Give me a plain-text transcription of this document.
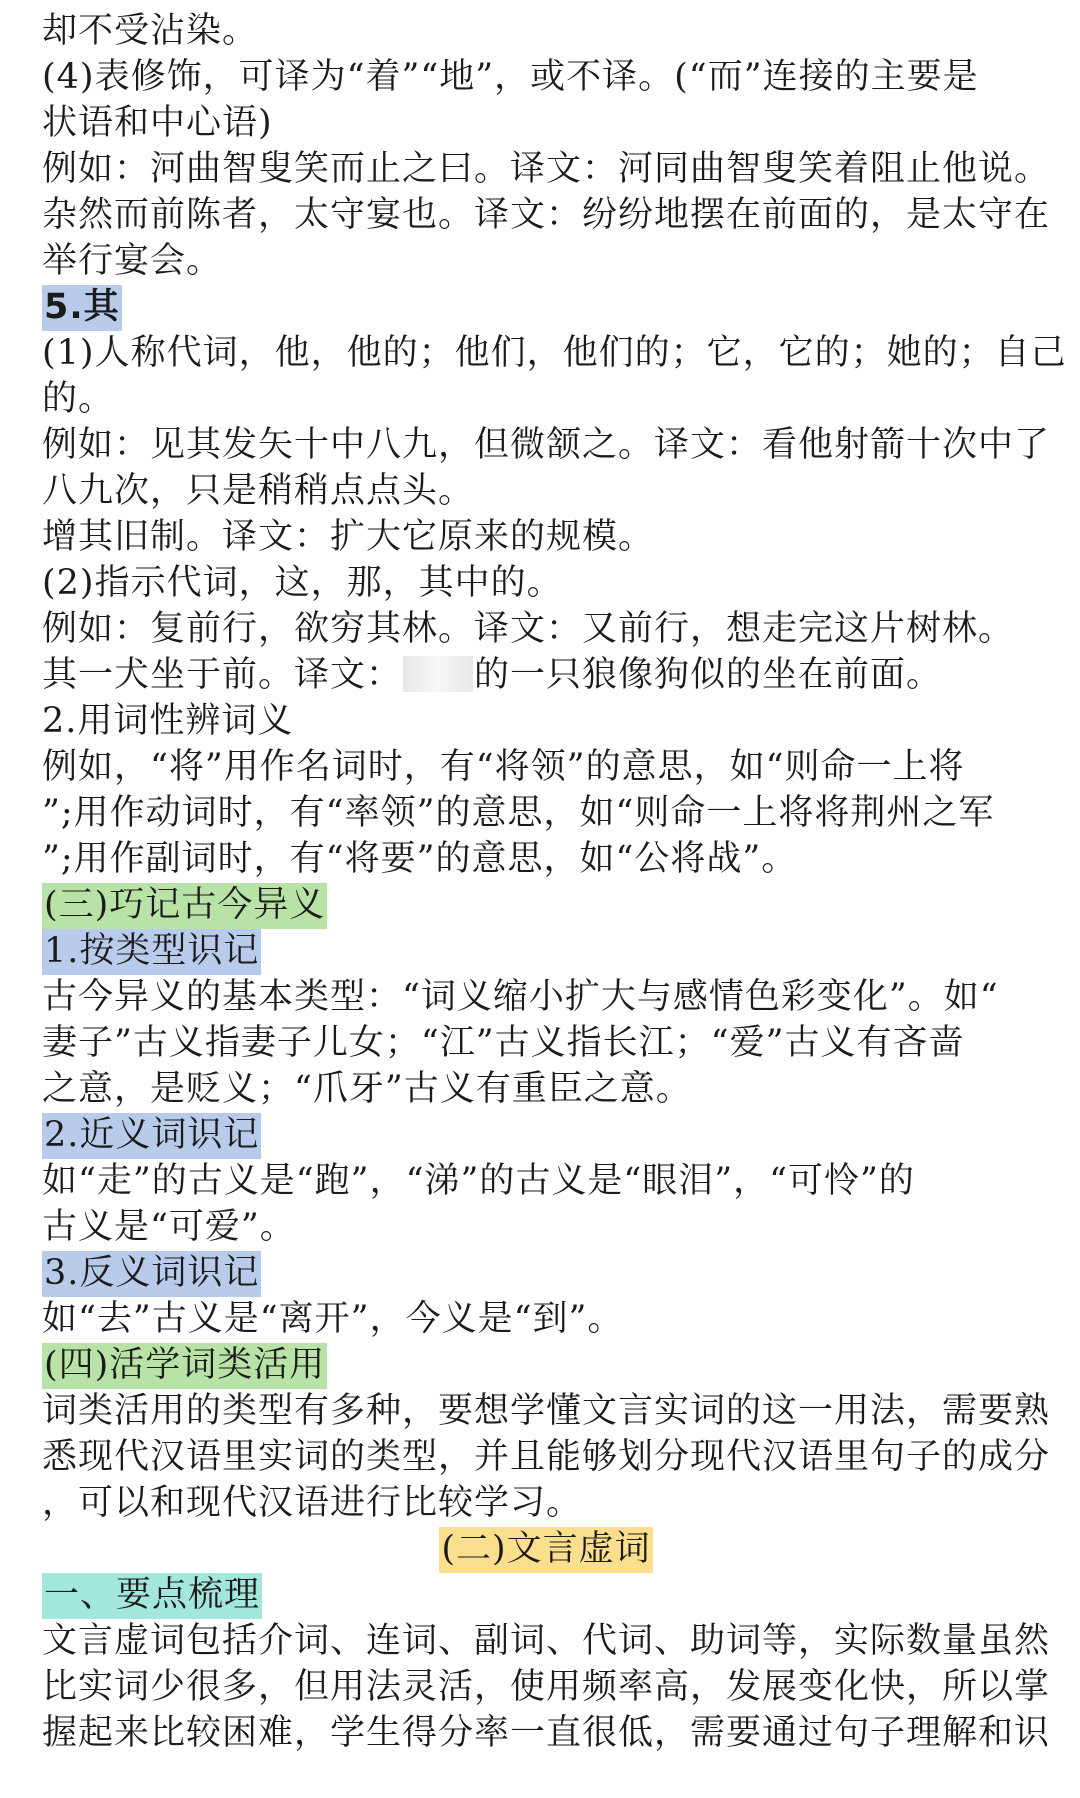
却不受沾染。
(4)表修饰，可译为“着”“地”，或不译。(“而”连接的主要是
状语和中心语)
例如：河曲智叟笑而止之曰。译文：河同曲智叟笑着阻止他说。
杂然而前陈者，太守宴也。译文：纷纷地摆在前面的，是太守在
举行宴会。
5.其
(1)人称代词，他，他的；他们，他们的；它，它的；她的；自己
的。
例如：见其发矢十中八九，但微颔之。译文：看他射箭十次中了
八九次，只是稍稍点点头。
增其旧制。译文：扩大它原来的规模。
(2)指示代词，这，那，其中的。
例如：复前行，欲穷其林。译文：又前行，想走完这片树林。
其一犬坐于前。译文： 的一只狼像狗似的坐在前面。
2.用词性辨词义
例如，“将”用作名词时，有“将领”的意思，如“则命一上将
”;用作动词时，有“率领”的意思，如“则命一上将将荆州之军
”;用作副词时，有“将要”的意思，如“公将战”。
(三)巧记古今异义
1.按类型识记
古今异义的基本类型：“词义缩小扩大与感情色彩变化”。如“
妻子”古义指妻子儿女；“江”古义指长江；“爱”古义有吝啬
之意，是贬义；“爪牙”古义有重臣之意。
2.近义词识记
如“走”的古义是“跑”，“涕”的古义是“眼泪”，“可怜”的
古义是“可爱”。
3.反义词识记
如“去”古义是“离开”，今义是“到”。
(四)活学词类活用
词类活用的类型有多种，要想学懂文言实词的这一用法，需要熟
悉现代汉语里实词的类型，并且能够划分现代汉语里句子的成分
，可以和现代汉语进行比较学习。
(二)文言虚词
一、要点梳理
文言虚词包括介词、连词、副词、代词、助词等，实际数量虽然
比实词少很多，但用法灵活，使用频率高，发展变化快，所以掌
握起来比较困难，学生得分率一直很低，需要通过句子理解和识
